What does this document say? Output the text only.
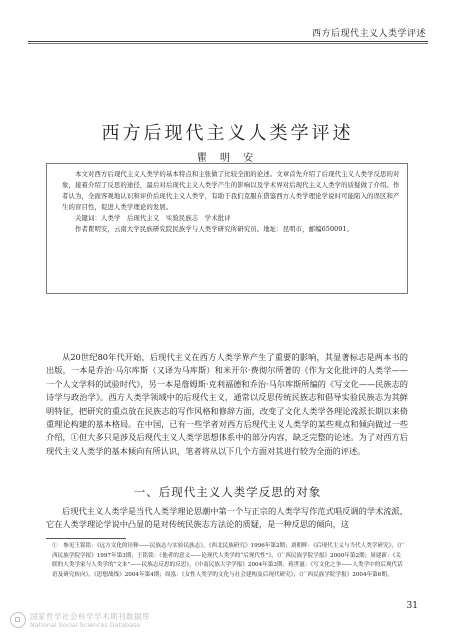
西方后现代主义人类学评述
西方后现代主义人类学评述
瞿 明 安

本文对西方后现代主义人类学的基本特点和主张做了比较全面的论述。文章首先介绍了后现代主义人类学反思的对象，接着介绍了反思的途径，最后对后现代主义人类学产生的影响以及学术界对后现代主义人类学的质疑做了介绍。作者认为，全面客观地认识和评价后现代主义人类学，有助于我们克服在借鉴西方人类学理论学说时可能陷入的误区和产生的盲目性，促进人类学理论的发展。

关键词：人类学　后现代主义　实验民族志　学术批评

作者瞿明安，云南大学民族研究院民族学与人类学研究所研究员。地址：昆明市，邮编650091。

从20世纪80年代开始，后现代主义在西方人类学界产生了重要的影响，其显著标志是两本书的出版，一本是乔治·马尔库斯（又译为马库斯）和米开尔·费彻尔所著的《作为文化批评的人类学——一个人文学科的试验时代》，另一本是詹姆斯·克利福德和乔治·马尔库斯所编的《写文化——民族志的诗学与政治学》。西方人类学领域中的后现代主义，通常以反思传统民族志和倡导实验民族志为其鲜明特征，把研究的重点放在民族志的写作风格和修辞方面，改变了文化人类学各理论流派长期以来倚重理论构建的基本格局。在中国，已有一些学者对西方后现代主义人类学的某些观点和倾向做过一些介绍，①但大多只是涉及后现代主义人类学思想体系中的部分内容，缺乏完整的论述。为了对西方后现代主义人类学的基本倾向有所认识，笔者将从以下几个方面对其进行较为全面的评述。

一、后现代主义人类学反思的对象

后现代主义人类学是当代人类学理论思潮中第一个与正宗的人类学写作范式唱反调的学术流派，它在人类学理论学说中凸显的是对传统民族志方法论的质疑，是一种反思的倾向，这

①　参见王铭铭：《远方文化的诠释——民族志与实验民族志》，《西北民族研究》1996年第2期；刘朝晖：《后现代主义与当代人类学研究》，《广西民族学院学报》1997年第3期；王铭铭：《他者的意义——论现代人类学的“后现代性”》，《广西民族学院学报》2000年第2期；周建新：《关联的人类学家与人类学的“文本”——民族志反思的反思》，《中南民族大学学报》2004年第3期；蒋世滋：《写文化之争——人类学中的后现代话语及研究转向》，《思想战线》2004年第4期；周泓：《女性人类学的文化与社会建构及后现代研究》，《广西民族学院学报》2004年第6期。

31
国家哲学社会科学学术期刊数据库
National Social Sciences Database
